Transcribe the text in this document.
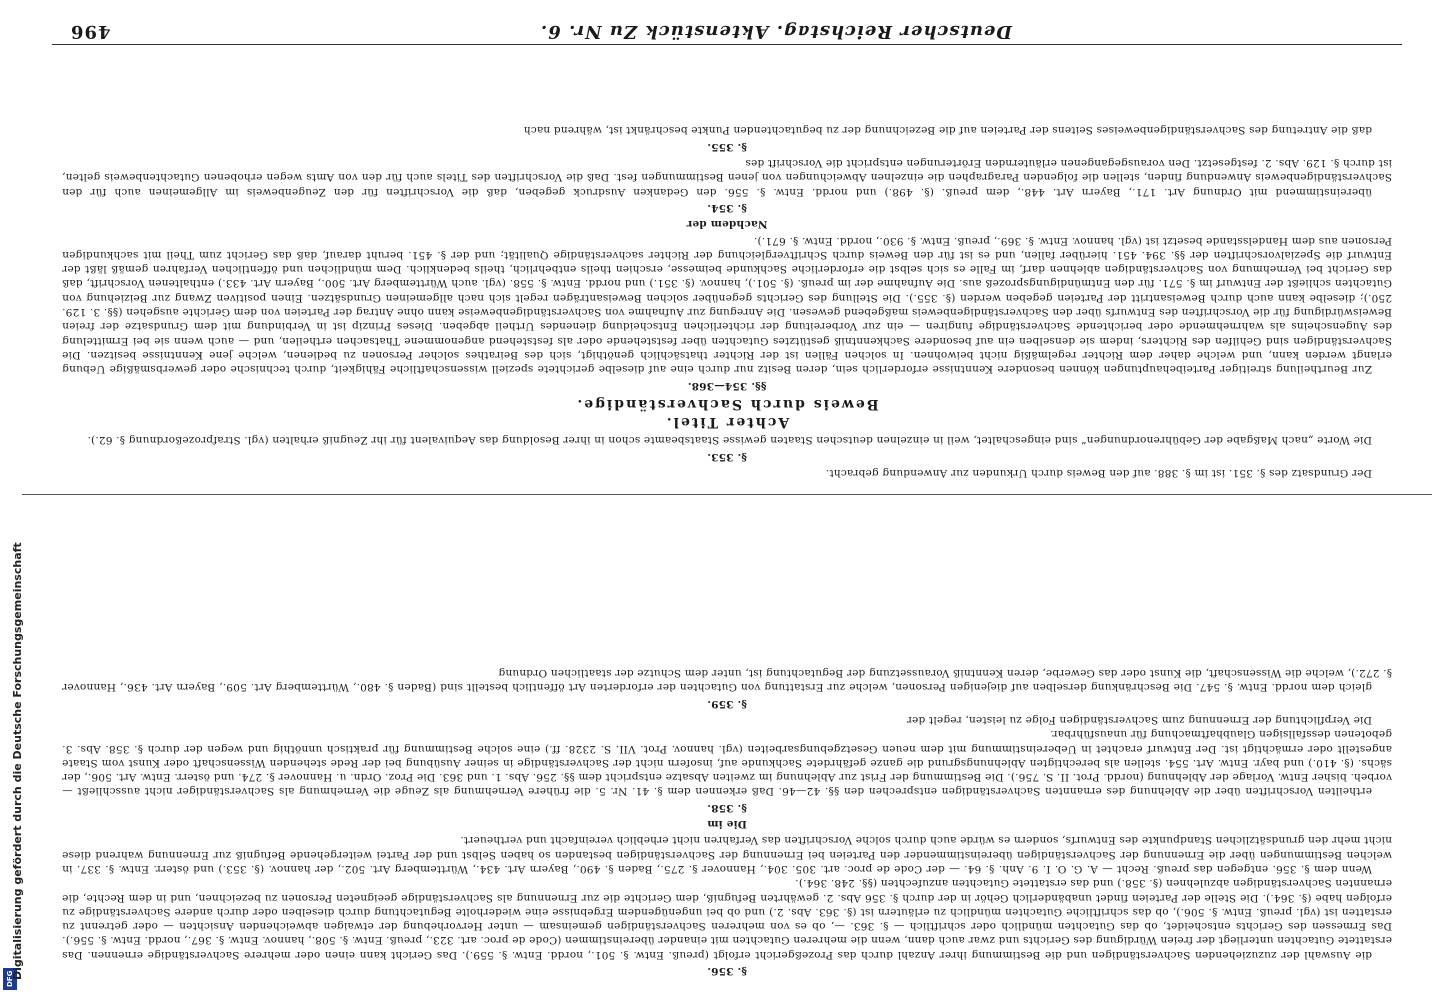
DFG
Digitalisierung gefördert durch die Deutsche Forschungsgemeinschaft
496	Deutscher Reichstag. Aktenstück Zu Nr. 6.

Der Grundsatz des §. 351. ist im §. 388. auf den Beweis durch Urkunden zur Anwendung gebracht.

§. 353.

Die Worte „nach Maßgabe der Gebührenordnungen“ sind eingeschaltet, weil in einzelnen deutschen Staaten gewisse Staatsbeamte schon in ihrer Besoldung das Aequivalent für ihr Zeugniß erhalten (vgl. Strafprozeßordnung §. 62.).

Achter Titel.
Beweis durch Sachverständige.

§§. 354—368.

Zur Beurtheilung streitiger Parteibehauptungen können besondere Kenntnisse erforderlich sein, deren Besitz nur durch eine auf dieselbe gerichtete speziell wissenschaftliche Fähigkeit, durch technische oder gewerbsmäßige Uebung erlangt werden kann, und welche daher dem Richter regelmäßig nicht beiwohnen. In solchen Fällen ist der Richter thatsächlich genöthigt, sich des Beirathes solcher Personen zu bedienen, welche jene Kenntnisse besitzen. Die Sachverständigen sind Gehilfen des Richters, indem sie denselben ein auf besondere Sachkenntniß gestütztes Gutachten über feststehende oder als feststehend angenommene Thatsachen ertheilen, und — auch wenn sie bei Ermittelung des Augenscheins als wahrnehmende oder berichtende Sachverständige fungiren — ein zur Vorbereitung der richterlichen Entscheidung dienendes Urtheil abgeben. Dieses Prinzip ist in Verbindung mit dem Grundsatze der freien Beweiswürdigung für die Vorschriften des Entwurfs über den Sachverständigenbeweis maßgebend gewesen. Die Anregung zur Aufnahme von Sachverständigenbeweise kann ohne Antrag der Parteien von dem Gerichte ausgehen (§§. 3. 129. 250.); dieselbe kann auch durch Beweisantritt der Parteien gegeben werden (§. 355.). Die Stellung des Gerichts gegenüber solchen Beweisanträgen regelt sich nach allgemeinen Grundsätzen. Einen positiven Zwang zur Beiziehung von Gutachten schließt der Entwurf im §. 571. für den Entmündigungsprozeß aus. Die Aufnahme der im preuß. (§. 501.), hannov. (§. 351.) und nordd. Entw. §. 558. (vgl. auch Württemberg Art. 500., Bayern Art. 433.) enthaltenen Vorschrift, daß das Gericht bei Vernehmung von Sachverständigen ablehnen darf, im Falle es sich selbst die erforderliche Sachkunde beimesse, erschien theils entbehrlich, theils bedenklich. Dem mündlichen und öffentlichen Verfahren gemäß läßt der Entwurf die Spezialvorschriften der §§. 394. 451. hierüber fallen, und es ist für den Beweis durch Schriftvergleichung der Richter sachverständige Qualität; und der §. 451. beruht darauf, daß das Gericht zum Theil mit sachkundigen Personen aus dem Handelsstande besetzt ist (vgl. hannov. Entw. §. 369., preuß. Entw. §. 930., nordd. Entw. §. 671.).

Nachdem der

§. 354.

übereinstimmend mit Ordnung Art. 171., Bayern Art. 448., dem preuß. (§. 498.) und nordd. Entw. §. 556. den Gedanken Ausdruck gegeben, daß die Vorschriften für den Zeugenbeweis im Allgemeinen auch für den Sachverständigenbeweis Anwendung finden, stellen die folgenden Paragraphen die einzelnen Abweichungen von jenen Bestimmungen fest. Daß die Vorschriften des Titels auch für den von Amts wegen erhobenen Gutachtenbeweis gelten, ist durch §. 129. Abs. 2. festgesetzt. Den vorausgegangenen erläuternden Erörterungen entspricht die Vorschrift des

§. 355.

daß die Antretung des Sachverständigenbeweises Seitens der Parteien auf die Bezeichnung der zu begutachtenden Punkte beschränkt ist, während nach

§. 356.

die Auswahl der zuzuziehenden Sachverständigen und die Bestimmung ihrer Anzahl durch das Prozeßgericht erfolgt (preuß. Entw. §. 501., nordd. Entw. §. 559.). Das Gericht kann einen oder mehrere Sachverständige ernennen. Das erstattete Gutachten unterliegt der freien Würdigung des Gerichts und zwar auch dann, wenn die mehreren Gutachten mit einander übereinstimmen (Code de proc. art. 323., preuß. Entw. §. 508., hannov. Entw. §. 367., nordd. Entw. §. 556.). Das Ermessen des Gerichts entscheidet, ob das Gutachten mündlich oder schriftlich — §. 363. —, ob es von mehreren Sachverständigen gemeinsam — unter Hervorhebung der etwaigen abweichenden Ansichten — oder getrennt zu erstatten ist (vgl. preuß. Entw. §. 506.), ob das schriftliche Gutachten mündlich zu erläutern ist (§. 363. Abs. 2.) und ob bei ungenügendem Ergebnisse eine wiederholte Begutachtung durch dieselben oder durch andere Sachverständige zu erfolgen habe (§. 364.). Die Stelle der Parteien findet unabänderlich Gehör in der durch §. 356 Abs. 2. gewährten Befugniß, dem Gerichte die zur Ernennung als Sachverständige geeigneten Personen zu bezeichnen, und in dem Rechte, die ernannten Sachverständigen abzulehnen (§. 358.) und das erstattete Gutachten anzufechten (§§. 248. 364.).

Wenn dem §. 356. entgegen das preuß. Recht — A. G. O. I. 9. Anh. §. 64. — der Code de proc. art. 305. 304., Hannover §. 275., Baden §. 490., Bayern Art. 434., Württemberg Art. 502., der hannov. (§. 353.) und österr. Entw. §. 337. in welchen Bestimmungen über die Ernennung der Sachverständigen übereinstimmender den Parteien bei Ernennung der Sachverständigen bestanden so haben Selbst und der Partei weitergehende Befugniß zur Ernennung wahrend diese nicht mehr den grundsätzlichen Standpunkte des Entwurfs, sondern es würde auch durch solche Vorschriften das Verfahren nicht erheblich vereinfacht und vertheuert.

Die im

§. 358.

ertheilten Vorschriften über die Ablehnung des ernannten Sachverständigen entsprechen den §§. 42—46. Daß erkennen dem §. 41. Nr. 5. die frühere Vernehmung als Zeuge die Vernehmung als Sachverständiger nicht ausschließt — vorbeh. bisher Entw. Vorlage der Ablehnung (nordd. Prot. II. S. 756.). Die Bestimmung der Frist zur Ablehnung im zweiten Absatze entspricht dem §§. 256. Abs. 1. und 363. Die Proz. Ordn. u. Hannover §. 274. und österr. Entw. Art. 506., der sächs. (§. 410.) und bayr. Entw. Art. 554. stellen als berechtigten Ablehnungsgrund die ganze gefährdete Sachkunde auf, insofern nicht der Sachverständige in seiner Ausübung bei der Rede stehenden Wissenschaft oder Kunst vom Staate angestellt oder ermächtigt ist. Der Entwurf erachtet in Uebereinstimmung mit dem neuen Gesetzgebungsarbeiten (vgl. hannov. Prot. VII. S. 2328. ff.) eine solche Bestimmung für praktisch unnöthig und wegen der durch §. 358. Abs. 3. gebotenen dessfallsigen Glaubhaftmachung für unausführbar.

Die Verpflichtung der Ernennung zum Sachverständigen Folge zu leisten, regelt der

§. 359.

gleich dem nordd. Entw. §. 547. Die Beschränkung derselben auf diejenigen Personen, welche zur Erstattung von Gutachten der erforderten Art öffentlich bestellt sind (Baden §. 480., Württemberg Art. 509., Bayern Art. 436., Hannover §. 272.), welche die Wissenschaft, die Kunst oder das Gewerbe, deren Kenntniß Voraussetzung der Begutachtung ist, unter dem Schutze der staatlichen Ordnung
